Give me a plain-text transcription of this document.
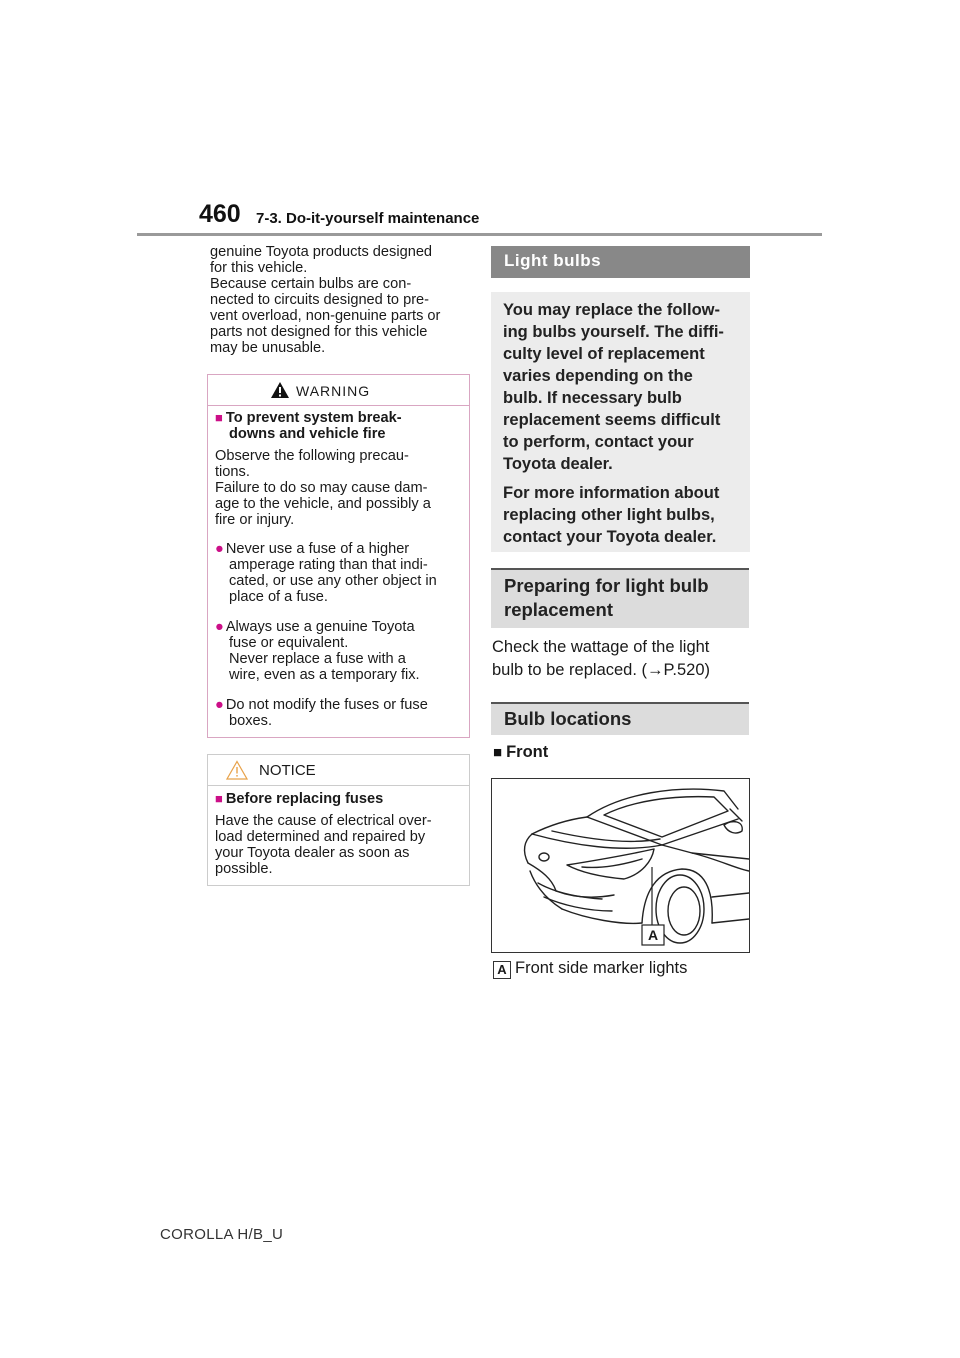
460 7-3. Do-it-yourself maintenance
genuine Toyota products designed
for this vehicle.
Because certain bulbs are con-
nected to circuits designed to pre-
vent overload, non-genuine parts or
parts not designed for this vehicle
may be unusable.
WARNING
■ To prevent system break-
downs and vehicle fire
Observe the following precau-
tions.
Failure to do so may cause dam-
age to the vehicle, and possibly a
fire or injury.
● Never use a fuse of a higher
amperage rating than that indi-
cated, or use any other object in
place of a fuse.
● Always use a genuine Toyota
fuse or equivalent.
Never replace a fuse with a
wire, even as a temporary fix.
● Do not modify the fuses or fuse
boxes.
NOTICE
■ Before replacing fuses
Have the cause of electrical over-
load determined and repaired by
your Toyota dealer as soon as
possible.
Light bulbs
You may replace the follow-
ing bulbs yourself. The diffi-
culty level of replacement
varies depending on the
bulb. If necessary bulb
replacement seems difficult
to perform, contact your
Toyota dealer.
For more information about
replacing other light bulbs,
contact your Toyota dealer.
Preparing for light bulb
replacement
Check the wattage of the light
bulb to be replaced. (→P.520)
Bulb locations
■ Front
A
A Front side marker lights
COROLLA H/B_U
